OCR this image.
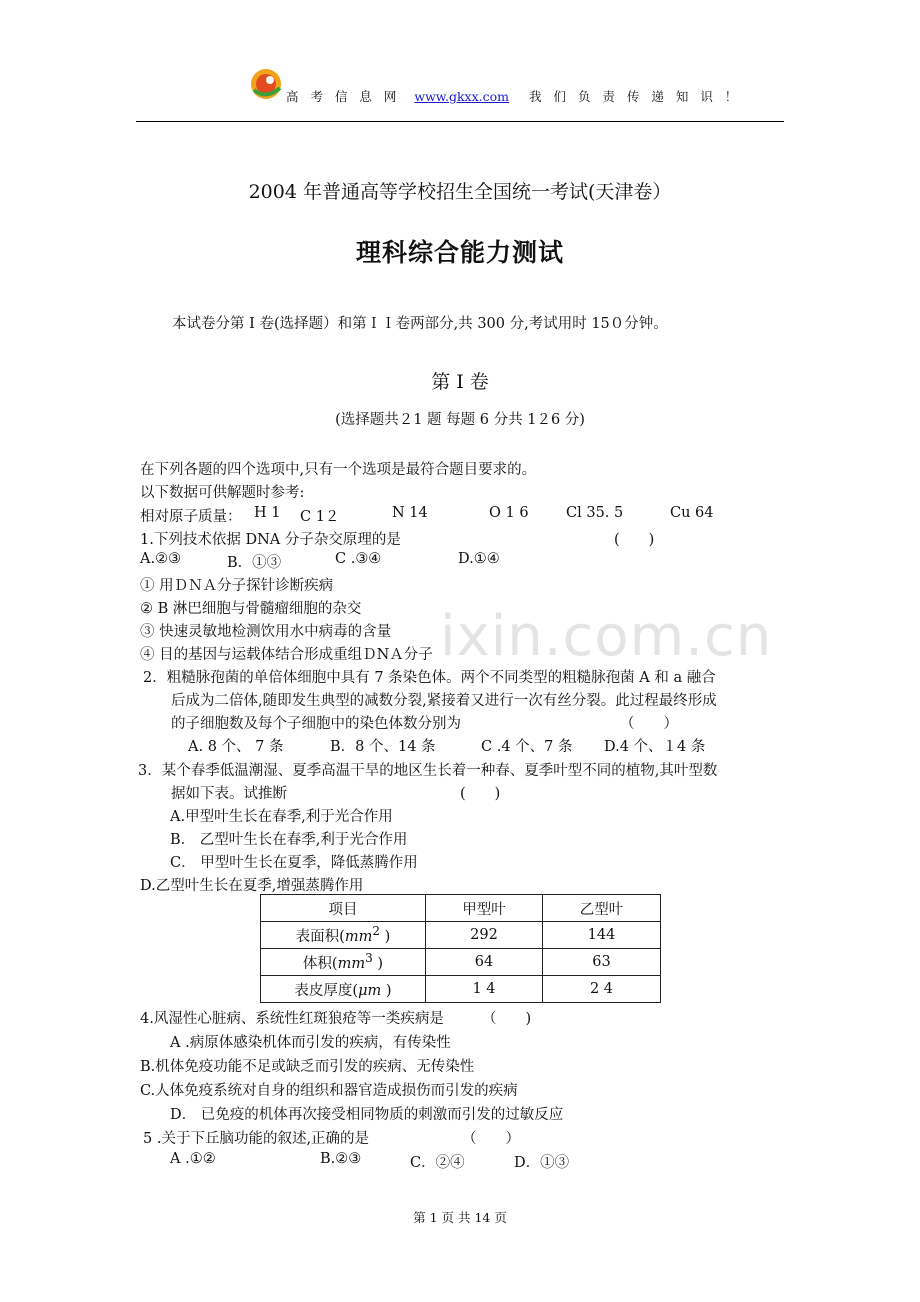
高 考 信 息 网 www.gkxx.com 我 们 负 责 传 递 知 识 ！
2004 年普通高等学校招生全国统一考试(天津卷）
理科综合能力测试
本试卷分第 I 卷(选择题）和第ＩＩ卷两部分,共 300 分,考试用时 15０分钟。
第 I 卷
(选择题共２1 题 每题 6 分共 1２6 分)
在下列各题的四个选项中,只有一个选项是最符合题目要求的。
以下数据可供解题时参考:
相对原子质量： H 1 C 1２	N 14	O 1 6	Cl 35. 5	Cu 64
1.下列技术依据 DNA 分子杂交原理的是	(　　)
A.②③	B．①③	C .③④	D.①④
① 用ＤＮＡ分子探针诊断疾病
② B 淋巴细胞与骨髓瘤细胞的杂交
③ 快速灵敏地检测饮用水中病毒的含量
④ 目的基因与运载体结合形成重组ＤNＡ分子 ixin.com.cn
2．粗糙脉孢菌的单倍体细胞中具有 7 条染色体。两个不同类型的粗糙脉孢菌 A 和 a 融合
后成为二倍体,随即发生典型的减数分裂,紧接着又进行一次有丝分裂。此过程最终形成
的子细胞数及每个子细胞中的染色体数分别为	（　　）
A. 8 个、 7 条	B．8 个、14 条	C .4 个、7 条 D.4 个、１4 条
3．某个春季低温潮湿、夏季高温干旱的地区生长着一种春、夏季叶型不同的植物,其叶型数
据如下表。试推断	(　　)
A.甲型叶生长在春季,利于光合作用
B． 乙型叶生长在春季,利于光合作用
C． 甲型叶生长在夏季，降低蒸腾作用
D.乙型叶生长在夏季,增强蒸腾作用
项目	甲型叶	乙型叶
表面积($mm^2$ )	292	144
体积($mm^3$ )	64	63
表皮厚度(μm )	1 4	2 4
4.风湿性心脏病、系统性红斑狼疮等一类疾病是	（　　)
A .病原体感染机体而引发的疾病，有传染性
B.机体免疫功能不足或缺乏而引发的疾病、无传染性
C.人体免疫系统对自身的组织和器官造成损伤而引发的疾病
D． 已免疫的机体再次接受相同物质的刺激而引发的过敏反应
5 .关于下丘脑功能的叙述,正确的是	（　　）
A .①②	B.②③	C．②④	D．①③
第 1 页 共 14 页
